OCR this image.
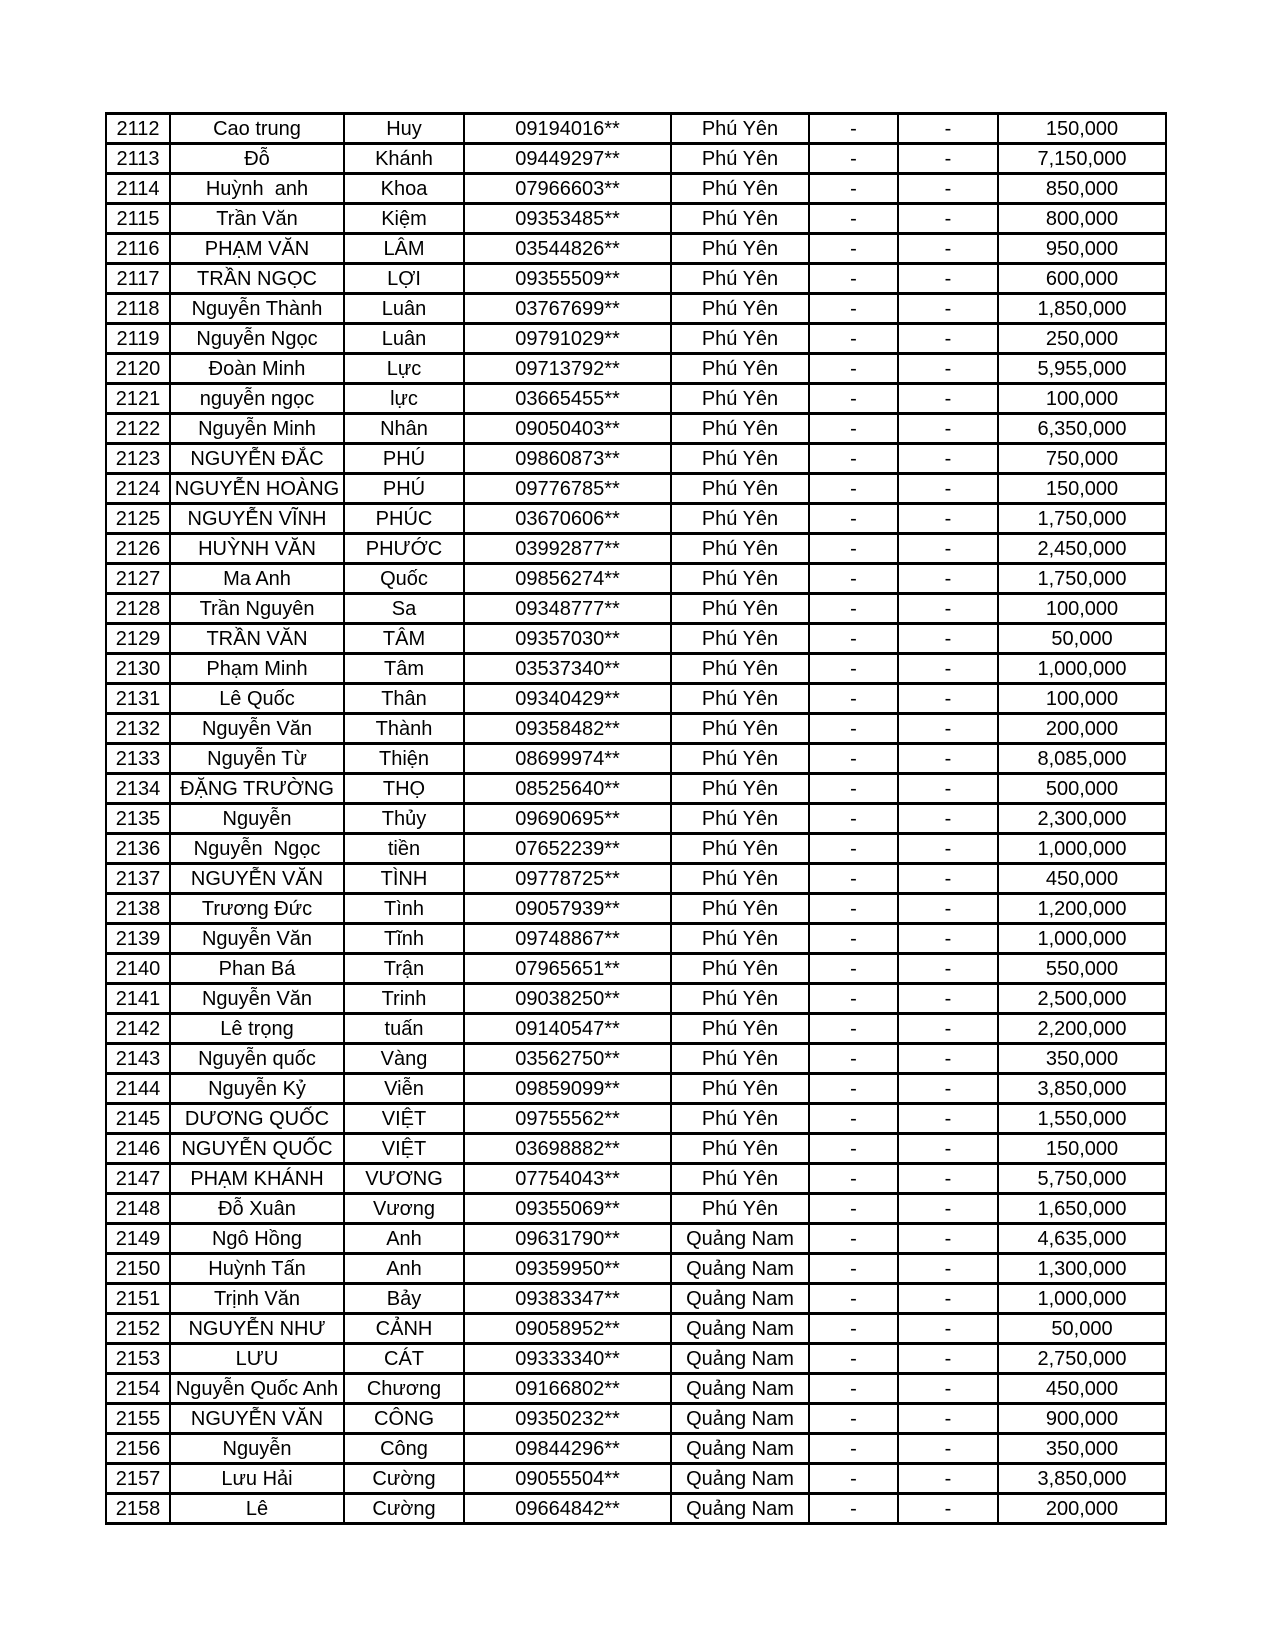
2112	Cao trung	Huy	09194016**	Phú Yên	-	-	150,000
2113	Đỗ	Khánh	09449297**	Phú Yên	-	-	7,150,000
2114	Huỳnh  anh	Khoa	07966603**	Phú Yên	-	-	850,000
2115	Trần Văn	Kiệm	09353485**	Phú Yên	-	-	800,000
2116	PHẠM VĂN	LÂM	03544826**	Phú Yên	-	-	950,000
2117	TRẦN NGỌC	LỢI	09355509**	Phú Yên	-	-	600,000
2118	Nguyễn Thành	Luân	03767699**	Phú Yên	-	-	1,850,000
2119	Nguyễn Ngọc	Luân	09791029**	Phú Yên	-	-	250,000
2120	Đoàn Minh	Lực	09713792**	Phú Yên	-	-	5,955,000
2121	nguyễn ngọc	lực	03665455**	Phú Yên	-	-	100,000
2122	Nguyễn Minh	Nhân	09050403**	Phú Yên	-	-	6,350,000
2123	NGUYỄN ĐẮC	PHÚ	09860873**	Phú Yên	-	-	750,000
2124	NGUYỄN HOÀNG	PHÚ	09776785**	Phú Yên	-	-	150,000
2125	NGUYỄN VĨNH	PHÚC	03670606**	Phú Yên	-	-	1,750,000
2126	HUỲNH VĂN	PHƯỚC	03992877**	Phú Yên	-	-	2,450,000
2127	Ma Anh	Quốc	09856274**	Phú Yên	-	-	1,750,000
2128	Trần Nguyên	Sa	09348777**	Phú Yên	-	-	100,000
2129	TRẦN VĂN	TÂM	09357030**	Phú Yên	-	-	50,000
2130	Phạm Minh	Tâm	03537340**	Phú Yên	-	-	1,000,000
2131	Lê Quốc	Thân	09340429**	Phú Yên	-	-	100,000
2132	Nguyễn Văn	Thành	09358482**	Phú Yên	-	-	200,000
2133	Nguyễn Từ	Thiện	08699974**	Phú Yên	-	-	8,085,000
2134	ĐẶNG TRƯỜNG	THỌ	08525640**	Phú Yên	-	-	500,000
2135	Nguyễn	Thủy	09690695**	Phú Yên	-	-	2,300,000
2136	Nguyễn  Ngọc	tiền	07652239**	Phú Yên	-	-	1,000,000
2137	NGUYỄN VĂN	TÌNH	09778725**	Phú Yên	-	-	450,000
2138	Trương Đức	Tình	09057939**	Phú Yên	-	-	1,200,000
2139	Nguyễn Văn	Tĩnh	09748867**	Phú Yên	-	-	1,000,000
2140	Phan Bá	Trận	07965651**	Phú Yên	-	-	550,000
2141	Nguyễn Văn	Trinh	09038250**	Phú Yên	-	-	2,500,000
2142	Lê trọng	tuấn	09140547**	Phú Yên	-	-	2,200,000
2143	Nguyễn quốc	Vàng	03562750**	Phú Yên	-	-	350,000
2144	Nguyễn Kỷ	Viễn	09859099**	Phú Yên	-	-	3,850,000
2145	DƯƠNG QUỐC	VIỆT	09755562**	Phú Yên	-	-	1,550,000
2146	NGUYỄN QUỐC	VIỆT	03698882**	Phú Yên	-	-	150,000
2147	PHẠM KHÁNH	VƯƠNG	07754043**	Phú Yên	-	-	5,750,000
2148	Đỗ Xuân	Vương	09355069**	Phú Yên	-	-	1,650,000
2149	Ngô Hồng	Anh	09631790**	Quảng Nam	-	-	4,635,000
2150	Huỳnh Tấn	Anh	09359950**	Quảng Nam	-	-	1,300,000
2151	Trịnh Văn	Bảy	09383347**	Quảng Nam	-	-	1,000,000
2152	NGUYỄN NHƯ	CẢNH	09058952**	Quảng Nam	-	-	50,000
2153	LƯU	CÁT	09333340**	Quảng Nam	-	-	2,750,000
2154	Nguyễn Quốc Anh	Chương	09166802**	Quảng Nam	-	-	450,000
2155	NGUYỄN VĂN	CÔNG	09350232**	Quảng Nam	-	-	900,000
2156	Nguyễn	Công	09844296**	Quảng Nam	-	-	350,000
2157	Lưu Hải	Cường	09055504**	Quảng Nam	-	-	3,850,000
2158	Lê	Cường	09664842**	Quảng Nam	-	-	200,000
